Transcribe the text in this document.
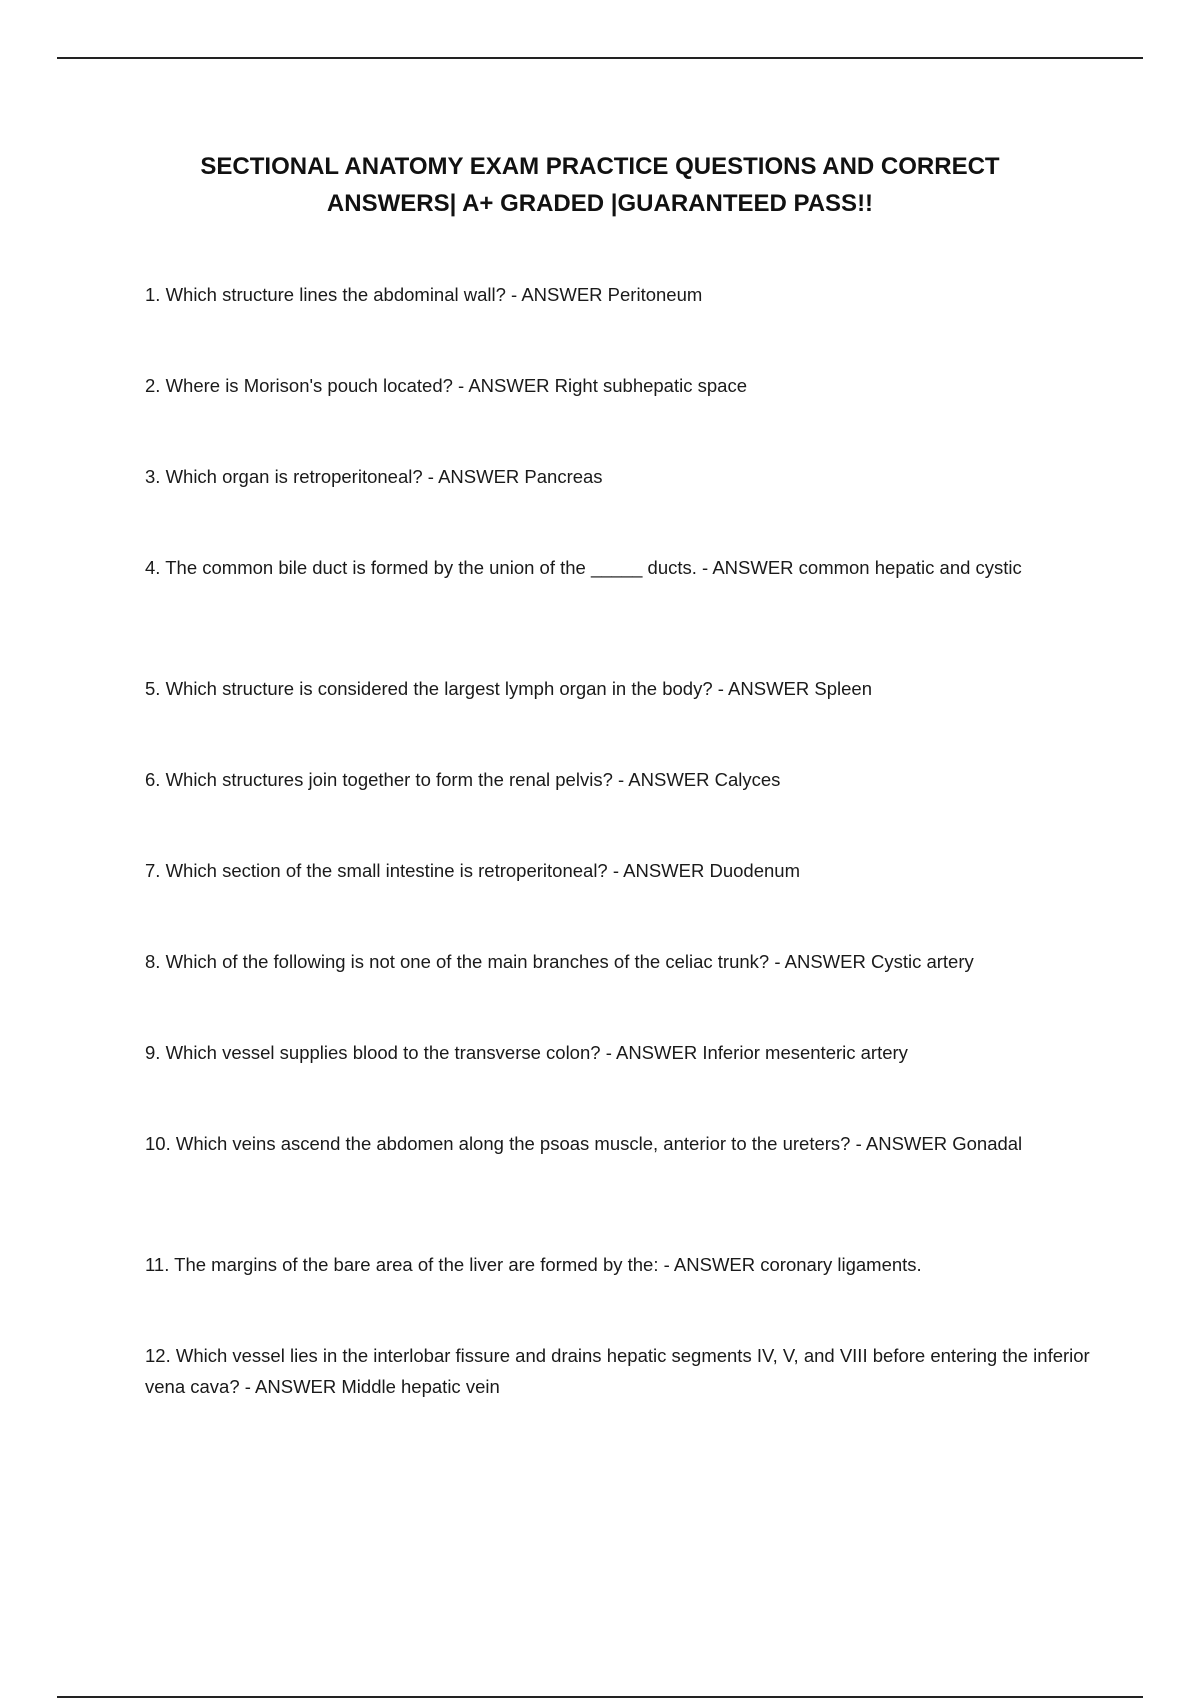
SECTIONAL ANATOMY EXAM PRACTICE QUESTIONS AND CORRECT
ANSWERS| A+ GRADED |GUARANTEED PASS!!
1. Which structure lines the abdominal wall? - ANSWER Peritoneum
2. Where is Morison's pouch located? - ANSWER Right subhepatic space
3. Which organ is retroperitoneal? - ANSWER Pancreas
4. The common bile duct is formed by the union of the _____ ducts. - ANSWER common hepatic and cystic
5. Which structure is considered the largest lymph organ in the body? - ANSWER Spleen
6. Which structures join together to form the renal pelvis? - ANSWER Calyces
7. Which section of the small intestine is retroperitoneal? - ANSWER Duodenum
8. Which of the following is not one of the main branches of the celiac trunk? - ANSWER Cystic artery
9. Which vessel supplies blood to the transverse colon? - ANSWER Inferior mesenteric artery
10. Which veins ascend the abdomen along the psoas muscle, anterior to the ureters? - ANSWER Gonadal
11. The margins of the bare area of the liver are formed by the: - ANSWER coronary ligaments.
12. Which vessel lies in the interlobar fissure and drains hepatic segments IV, V, and VIII before entering the inferior vena cava? - ANSWER Middle hepatic vein
